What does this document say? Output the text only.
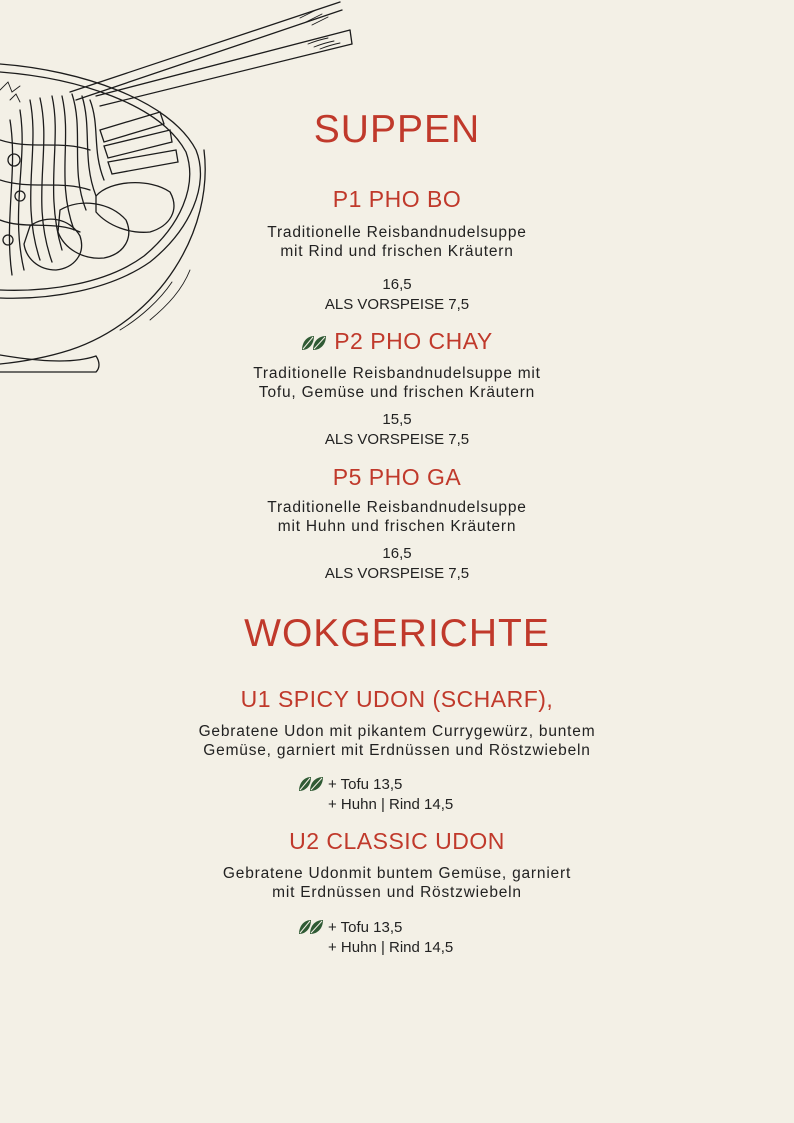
SUPPEN
P1 PHO BO
Traditionelle Reisbandnudelsuppe
mit Rind und frischen Kräutern
16,5
ALS VORSPEISE 7,5
P2 PHO CHAY
Traditionelle Reisbandnudelsuppe mit
Tofu, Gemüse und frischen Kräutern
15,5
ALS VORSPEISE 7,5
P5 PHO GA
Traditionelle Reisbandnudelsuppe
mit Huhn und frischen Kräutern
16,5
ALS VORSPEISE 7,5
WOKGERICHTE
U1 SPICY UDON (SCHARF),
Gebratene Udon mit pikantem Currygewürz, buntem
Gemüse, garniert mit Erdnüssen und Röstzwiebeln
+ Tofu 13,5
+ Huhn | Rind 14,5
U2 CLASSIC UDON
Gebratene Udonmit buntem Gemüse, garniert
mit Erdnüssen und Röstzwiebeln
+ Tofu 13,5
+ Huhn | Rind 14,5
